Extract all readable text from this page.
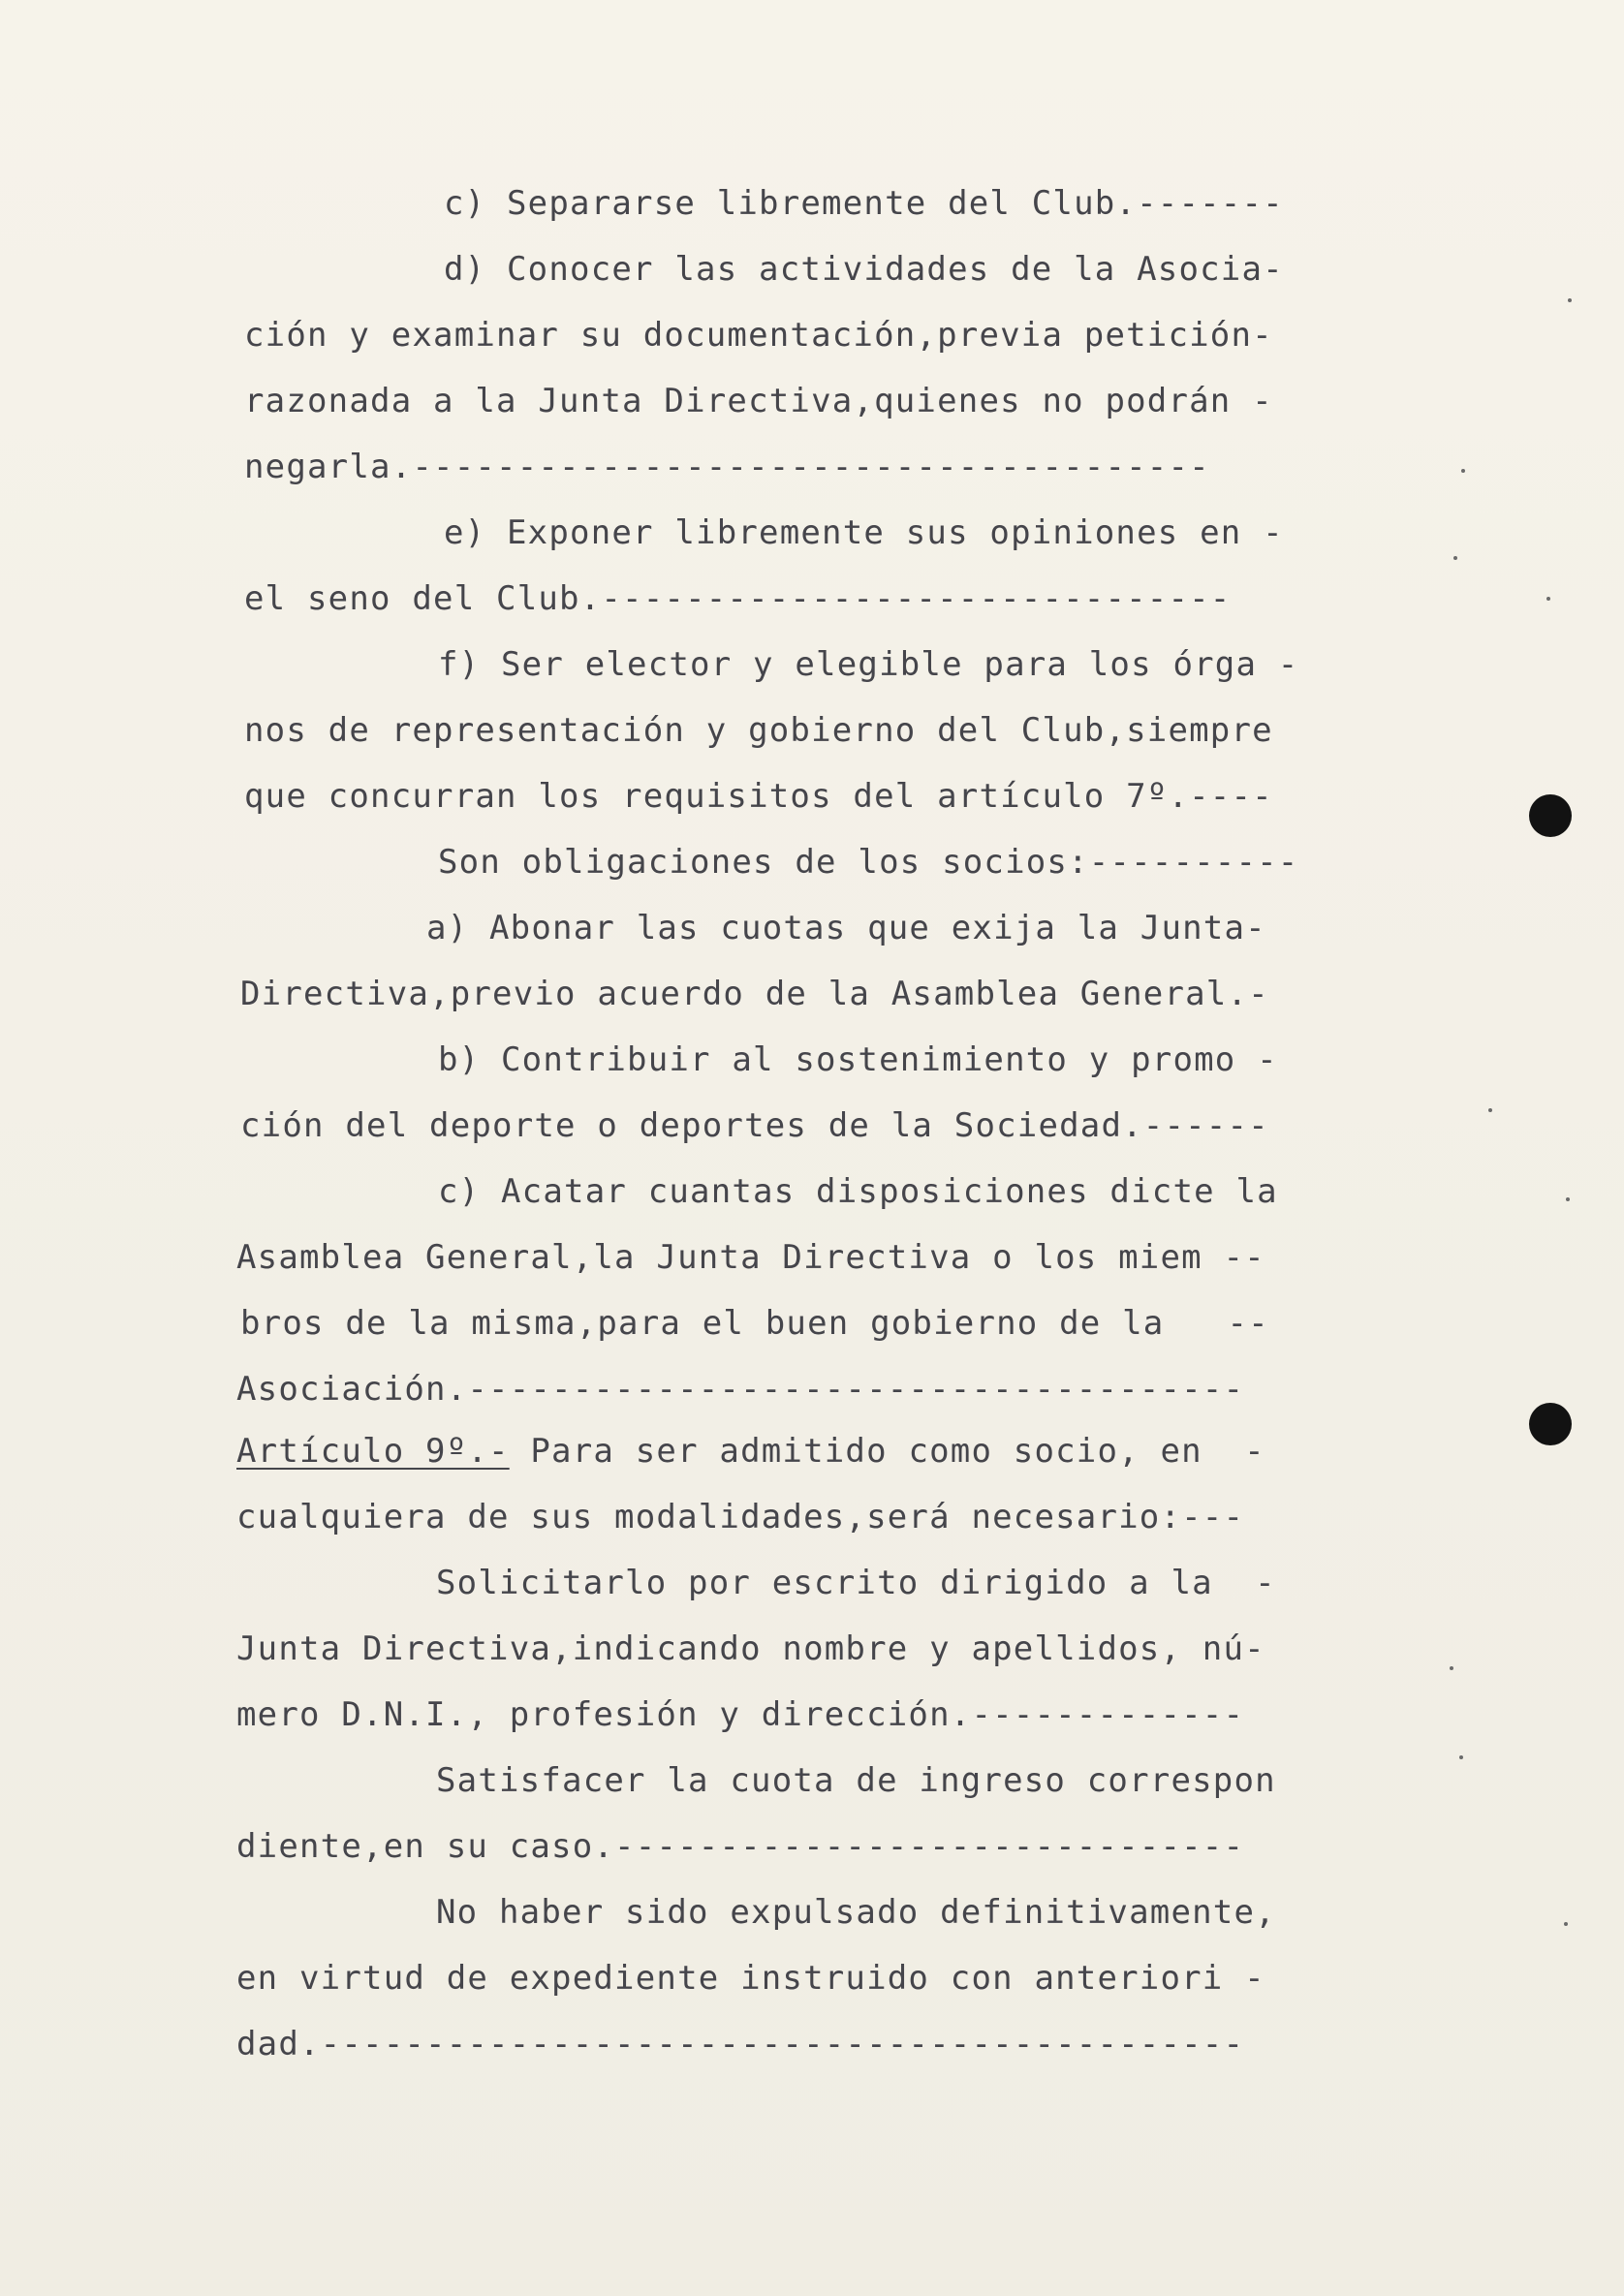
c) Separarse libremente del Club.-------
d) Conocer las actividades de la Asocia-
ción y examinar su documentación,previa petición-
razonada a la Junta Directiva,quienes no podrán -
negarla.--------------------------------------
e) Exponer libremente sus opiniones en -
el seno del Club.------------------------------
f) Ser elector y elegible para los órga -
nos de representación y gobierno del Club,siempre
que concurran los requisitos del artículo 7º.----
Son obligaciones de los socios:----------
a) Abonar las cuotas que exija la Junta-
Directiva,previo acuerdo de la Asamblea General.-
b) Contribuir al sostenimiento y promo -
ción del deporte o deportes de la Sociedad.------
c) Acatar cuantas disposiciones dicte la
Asamblea General,la Junta Directiva o los miem --
bros de la misma,para el buen gobierno de la   --
Asociación.-------------------------------------
Artículo 9º.- Para ser admitido como socio, en  -
cualquiera de sus modalidades,será necesario:---
Solicitarlo por escrito dirigido a la  -
Junta Directiva,indicando nombre y apellidos, nú-
mero D.N.I., profesión y dirección.-------------
Satisfacer la cuota de ingreso correspon
diente,en su caso.------------------------------
No haber sido expulsado definitivamente,
en virtud de expediente instruido con anteriori -
dad.--------------------------------------------
